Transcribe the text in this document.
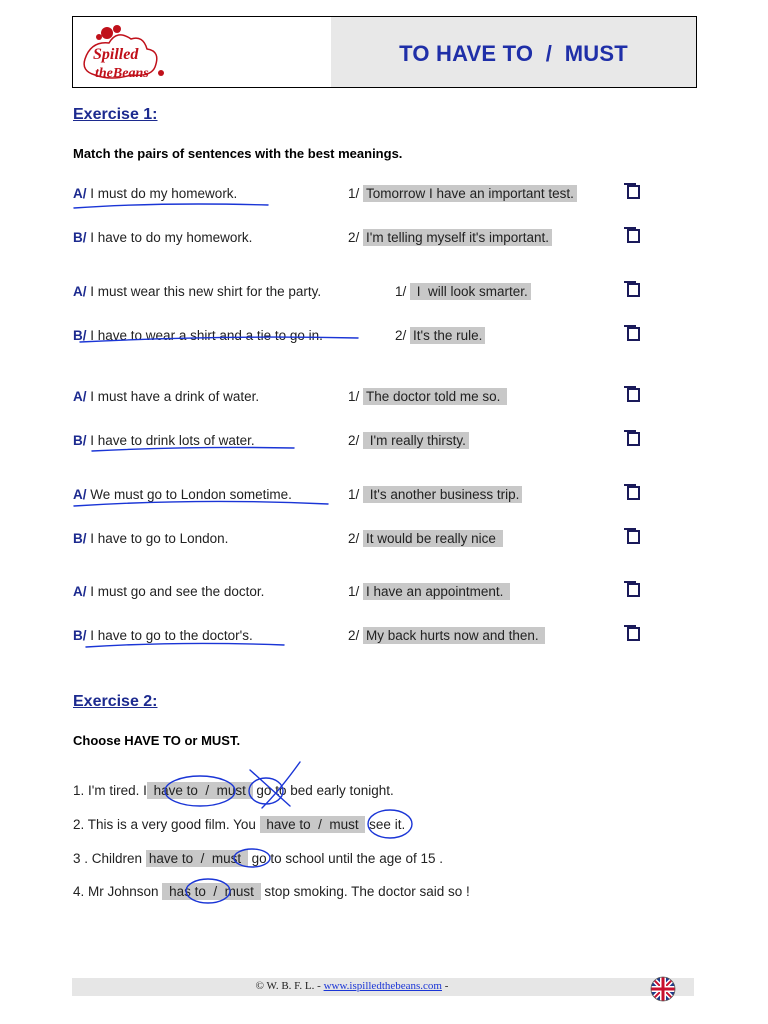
Spilled
theBeans
TO HAVE TO  /  MUST
Exercise 1:
Match the pairs of sentences with the best meanings.
A/ I must do my homework.	1/ Tomorrow I have an important test.
B/ I have to do my homework.	2/ I'm telling myself it's important.
A/ I must wear this new shirt for the party.	1/  I  will look smarter.
B/ I have to wear a shirt and a tie to go in.	2/ It's the rule.
A/ I must have a drink of water.	1/ The doctor told me so.
B/ I have to drink lots of water.	2/  I'm really thirsty.
A/ We must go to London sometime.	1/  It's another business trip.
B/ I have to go to London.	2/ It would be really nice
A/ I must go and see the doctor.	1/ I have an appointment.
B/ I have to go to the doctor's.	2/ My back hurts now and then.
Exercise 2:
Choose HAVE TO or MUST.
1. I'm tired. I have to  /  must  go to bed early tonight.
2. This is a very good film. You  have to  /  must  see it.
3 . Children have to  /  must  go to school until the age of 15 .
4. Mr Johnson  has to  /  must  stop smoking. The doctor said so !
© W. B. F. L. - www.ispilledthebeans.com -
